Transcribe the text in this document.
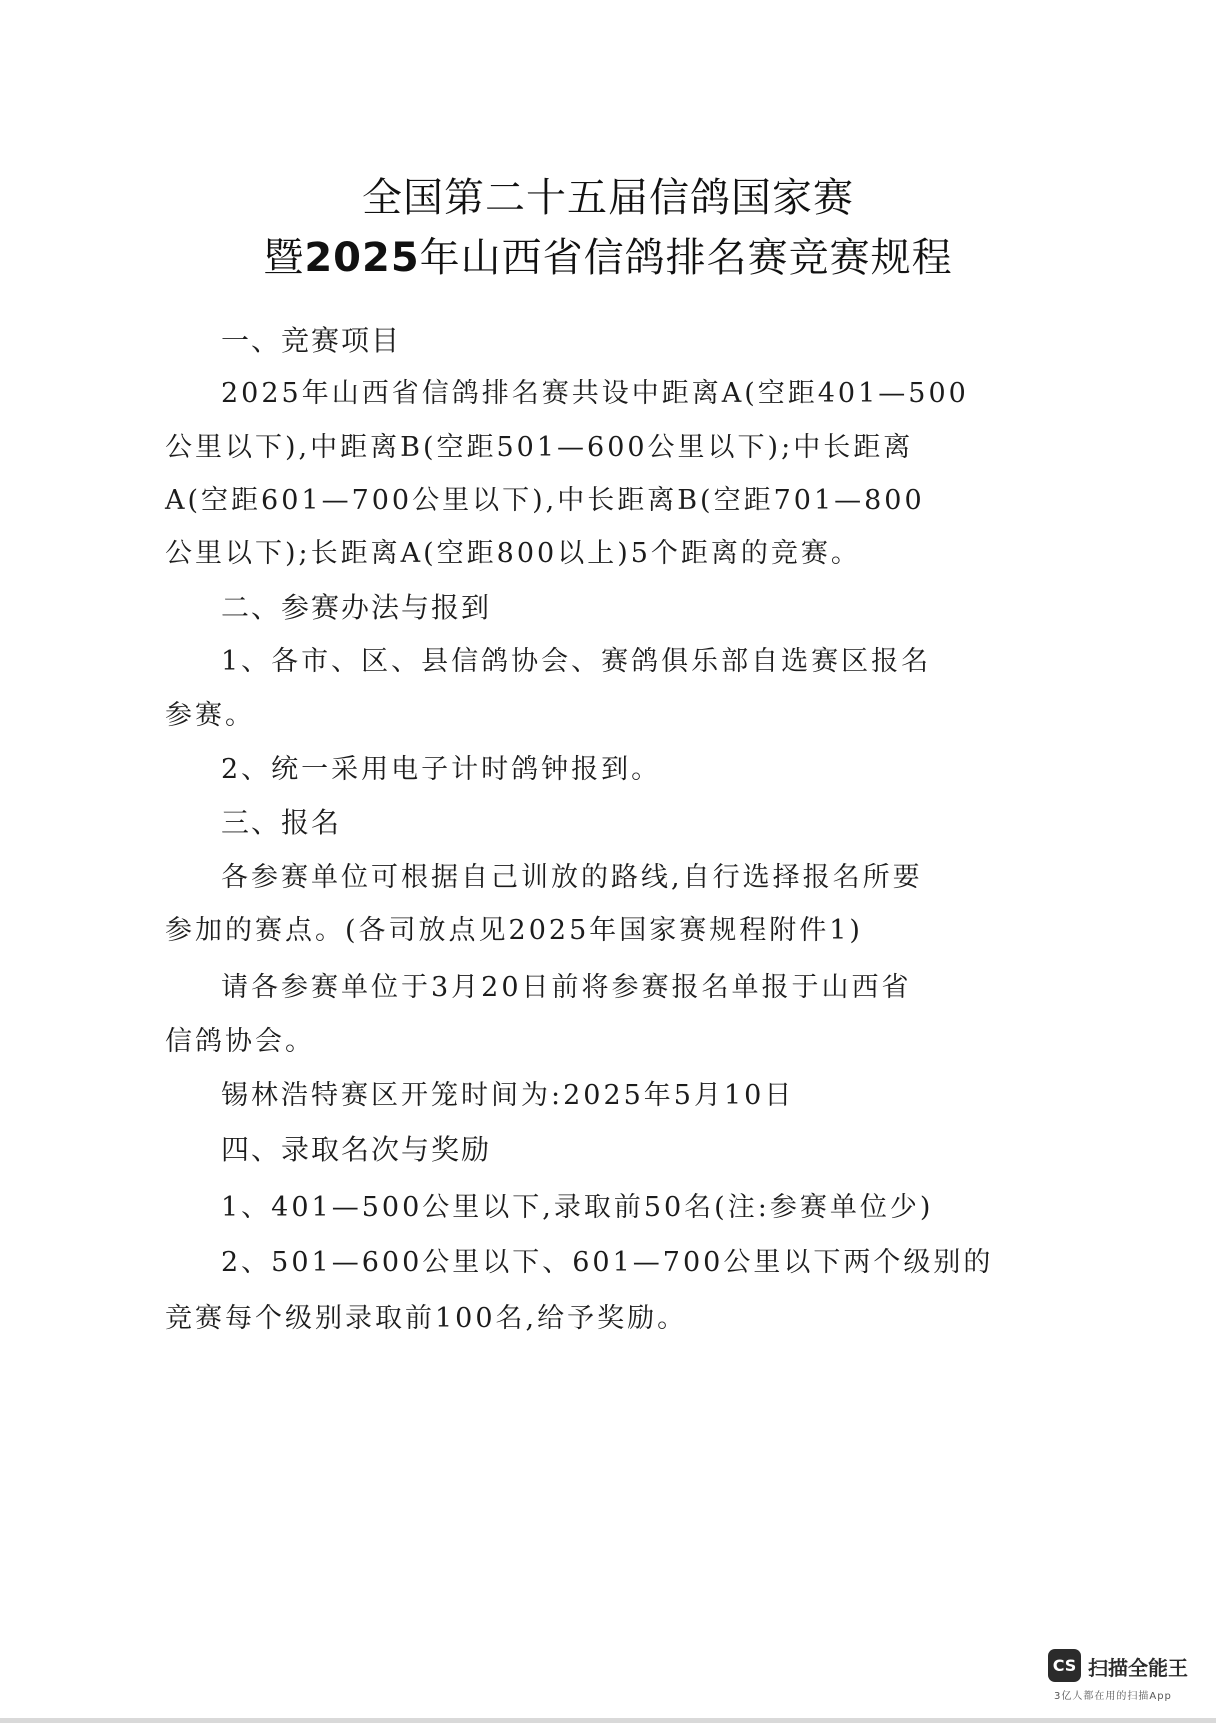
全国第二十五届信鸽国家赛
暨2025年山西省信鸽排名赛竞赛规程
一、竞赛项目
2025年山西省信鸽排名赛共设中距离A(空距401—500
公里以下),中距离B(空距501—600公里以下);中长距离
A(空距601—700公里以下),中长距离B(空距701—800
公里以下);长距离A(空距800以上)5个距离的竞赛。
二、参赛办法与报到
1、各市、区、县信鸽协会、赛鸽俱乐部自选赛区报名
参赛。
2、统一采用电子计时鸽钟报到。
三、报名
各参赛单位可根据自己训放的路线,自行选择报名所要
参加的赛点。(各司放点见2025年国家赛规程附件1)
请各参赛单位于3月20日前将参赛报名单报于山西省
信鸽协会。
锡林浩特赛区开笼时间为:2025年5月10日
四、录取名次与奖励
1、401—500公里以下,录取前50名(注:参赛单位少)
2、501—600公里以下、601—700公里以下两个级别的
竞赛每个级别录取前100名,给予奖励。
CS 扫描全能王
3亿人都在用的扫描App
